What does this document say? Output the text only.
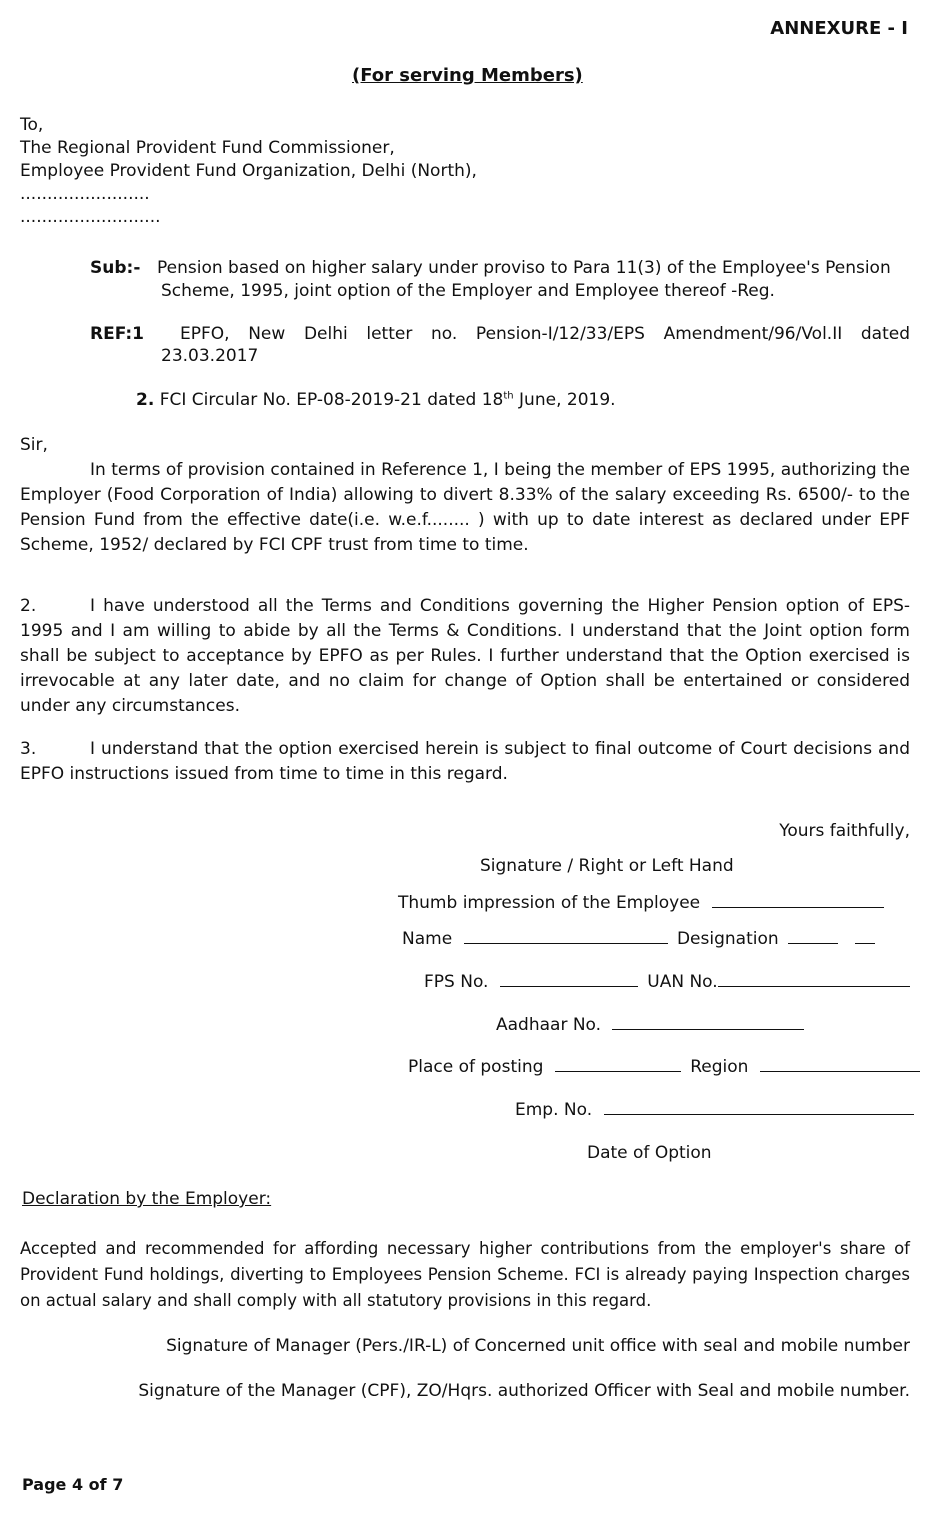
ANNEXURE - I
(For serving Members)
To,
The Regional Provident Fund Commissioner,
Employee Provident Fund Organization, Delhi (North),
........................
..........................
Sub:- Pension based on higher salary under proviso to Para 11(3) of the Employee's Pension
Scheme, 1995, joint option of the Employer and Employee thereof -Reg.
REF:1 EPFO, New Delhi letter no. Pension-I/12/33/EPS Amendment/96/Vol.II dated
23.03.2017
2. FCI Circular No. EP-08-2019-21 dated 18th June, 2019.
Sir,
In terms of provision contained in Reference 1, I being the member of EPS 1995, authorizing the Employer (Food Corporation of India) allowing to divert 8.33% of the salary exceeding Rs. 6500/- to the Pension Fund from the effective date(i.e. w.e.f........ ) with up to date interest as declared under EPF Scheme, 1952/ declared by FCI CPF trust from time to time.
2.	I have understood all the Terms and Conditions governing the Higher Pension option of EPS-1995 and I am willing to abide by all the Terms & Conditions. I understand that the Joint option form shall be subject to acceptance by EPFO as per Rules. I further understand that the Option exercised is irrevocable at any later date, and no claim for change of Option shall be entertained or considered under any circumstances.
3.	I understand that the option exercised herein is subject to final outcome of Court decisions and EPFO instructions issued from time to time in this regard.
Yours faithfully,
Signature / Right or Left Hand
Thumb impression of the Employee
Name	Designation
FPS No.	UAN No.
Aadhaar No.
Place of posting	Region
Emp. No.
Date of Option
Declaration by the Employer:
Accepted and recommended for affording necessary higher contributions from the employer's share of Provident Fund holdings, diverting to Employees Pension Scheme. FCI is already paying Inspection charges on actual salary and shall comply with all statutory provisions in this regard.
Signature of Manager (Pers./IR-L) of Concerned unit office with seal and mobile number
Signature of the Manager (CPF), ZO/Hqrs. authorized Officer with Seal and mobile number.
Page 4 of 7
